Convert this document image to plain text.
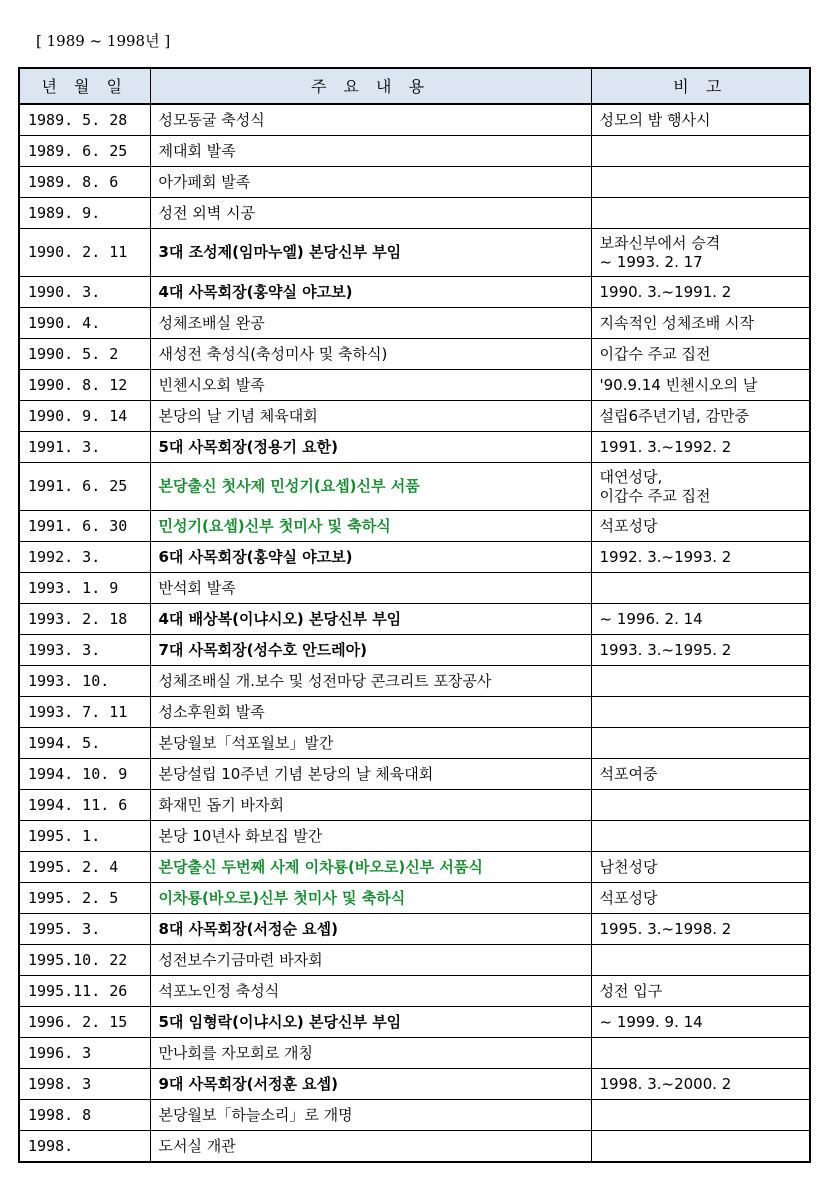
[ 1989 ~ 1998년 ]
년 월 일	주 요 내 용	비 고
1989. 5. 28	성모동굴 축성식	성모의 밤 행사시
1989. 6. 25	제대회 발족	
1989. 8. 6	아가페회 발족	
1989. 9.	성전 외벽 시공	
1990. 2. 11	3대 조성제(임마누엘) 본당신부 부임	보좌신부에서 승격
~ 1993. 2. 17
1990. 3.	4대 사목회장(홍약실 야고보)	1990. 3.~1991. 2
1990. 4.	성체조배실 완공	지속적인 성체조배 시작
1990. 5. 2	새성전 축성식(축성미사 및 축하식)	이갑수 주교 집전
1990. 8. 12	빈첸시오회 발족	'90.9.14 빈첸시오의 날
1990. 9. 14	본당의 날 기념 체육대회	설립6주년기념, 감만중
1991. 3.	5대 사목회장(정용기 요한)	1991. 3.~1992. 2
1991. 6. 25	본당출신 첫사제 민성기(요셉)신부 서품	대연성당,
이갑수 주교 집전
1991. 6. 30	민성기(요셉)신부 첫미사 및 축하식	석포성당
1992. 3.	6대 사목회장(홍약실 야고보)	1992. 3.~1993. 2
1993. 1. 9	반석회 발족	
1993. 2. 18	4대 배상복(이냐시오) 본당신부 부임	~ 1996. 2. 14
1993. 3.	7대 사목회장(성수호 안드레아)	1993. 3.~1995. 2
1993. 10.	성체조배실 개.보수 및 성전마당 콘크리트 포장공사	
1993. 7. 11	성소후원회 발족	
1994. 5.	본당월보「석포월보」발간	
1994. 10. 9	본당설립 10주년 기념 본당의 날 체육대회	석포여중
1994. 11. 6	화재민 돕기 바자회	
1995. 1.	본당 10년사 화보집 발간	
1995. 2. 4	본당출신 두번째 사제 이차룡(바오로)신부 서품식	남천성당
1995. 2. 5	이차룡(바오로)신부 첫미사 및 축하식	석포성당
1995. 3.	8대 사목회장(서정순 요셉)	1995. 3.~1998. 2
1995.10. 22	성전보수기금마련 바자회	
1995.11. 26	석포노인정 축성식	성전 입구
1996. 2. 15	5대 임형락(이냐시오) 본당신부 부임	~ 1999. 9. 14
1996. 3	만나회를 자모회로 개칭	
1998. 3	9대 사목회장(서정훈 요셉)	1998. 3.~2000. 2
1998. 8	본당월보「하늘소리」로 개명	
1998.	도서실 개관	
